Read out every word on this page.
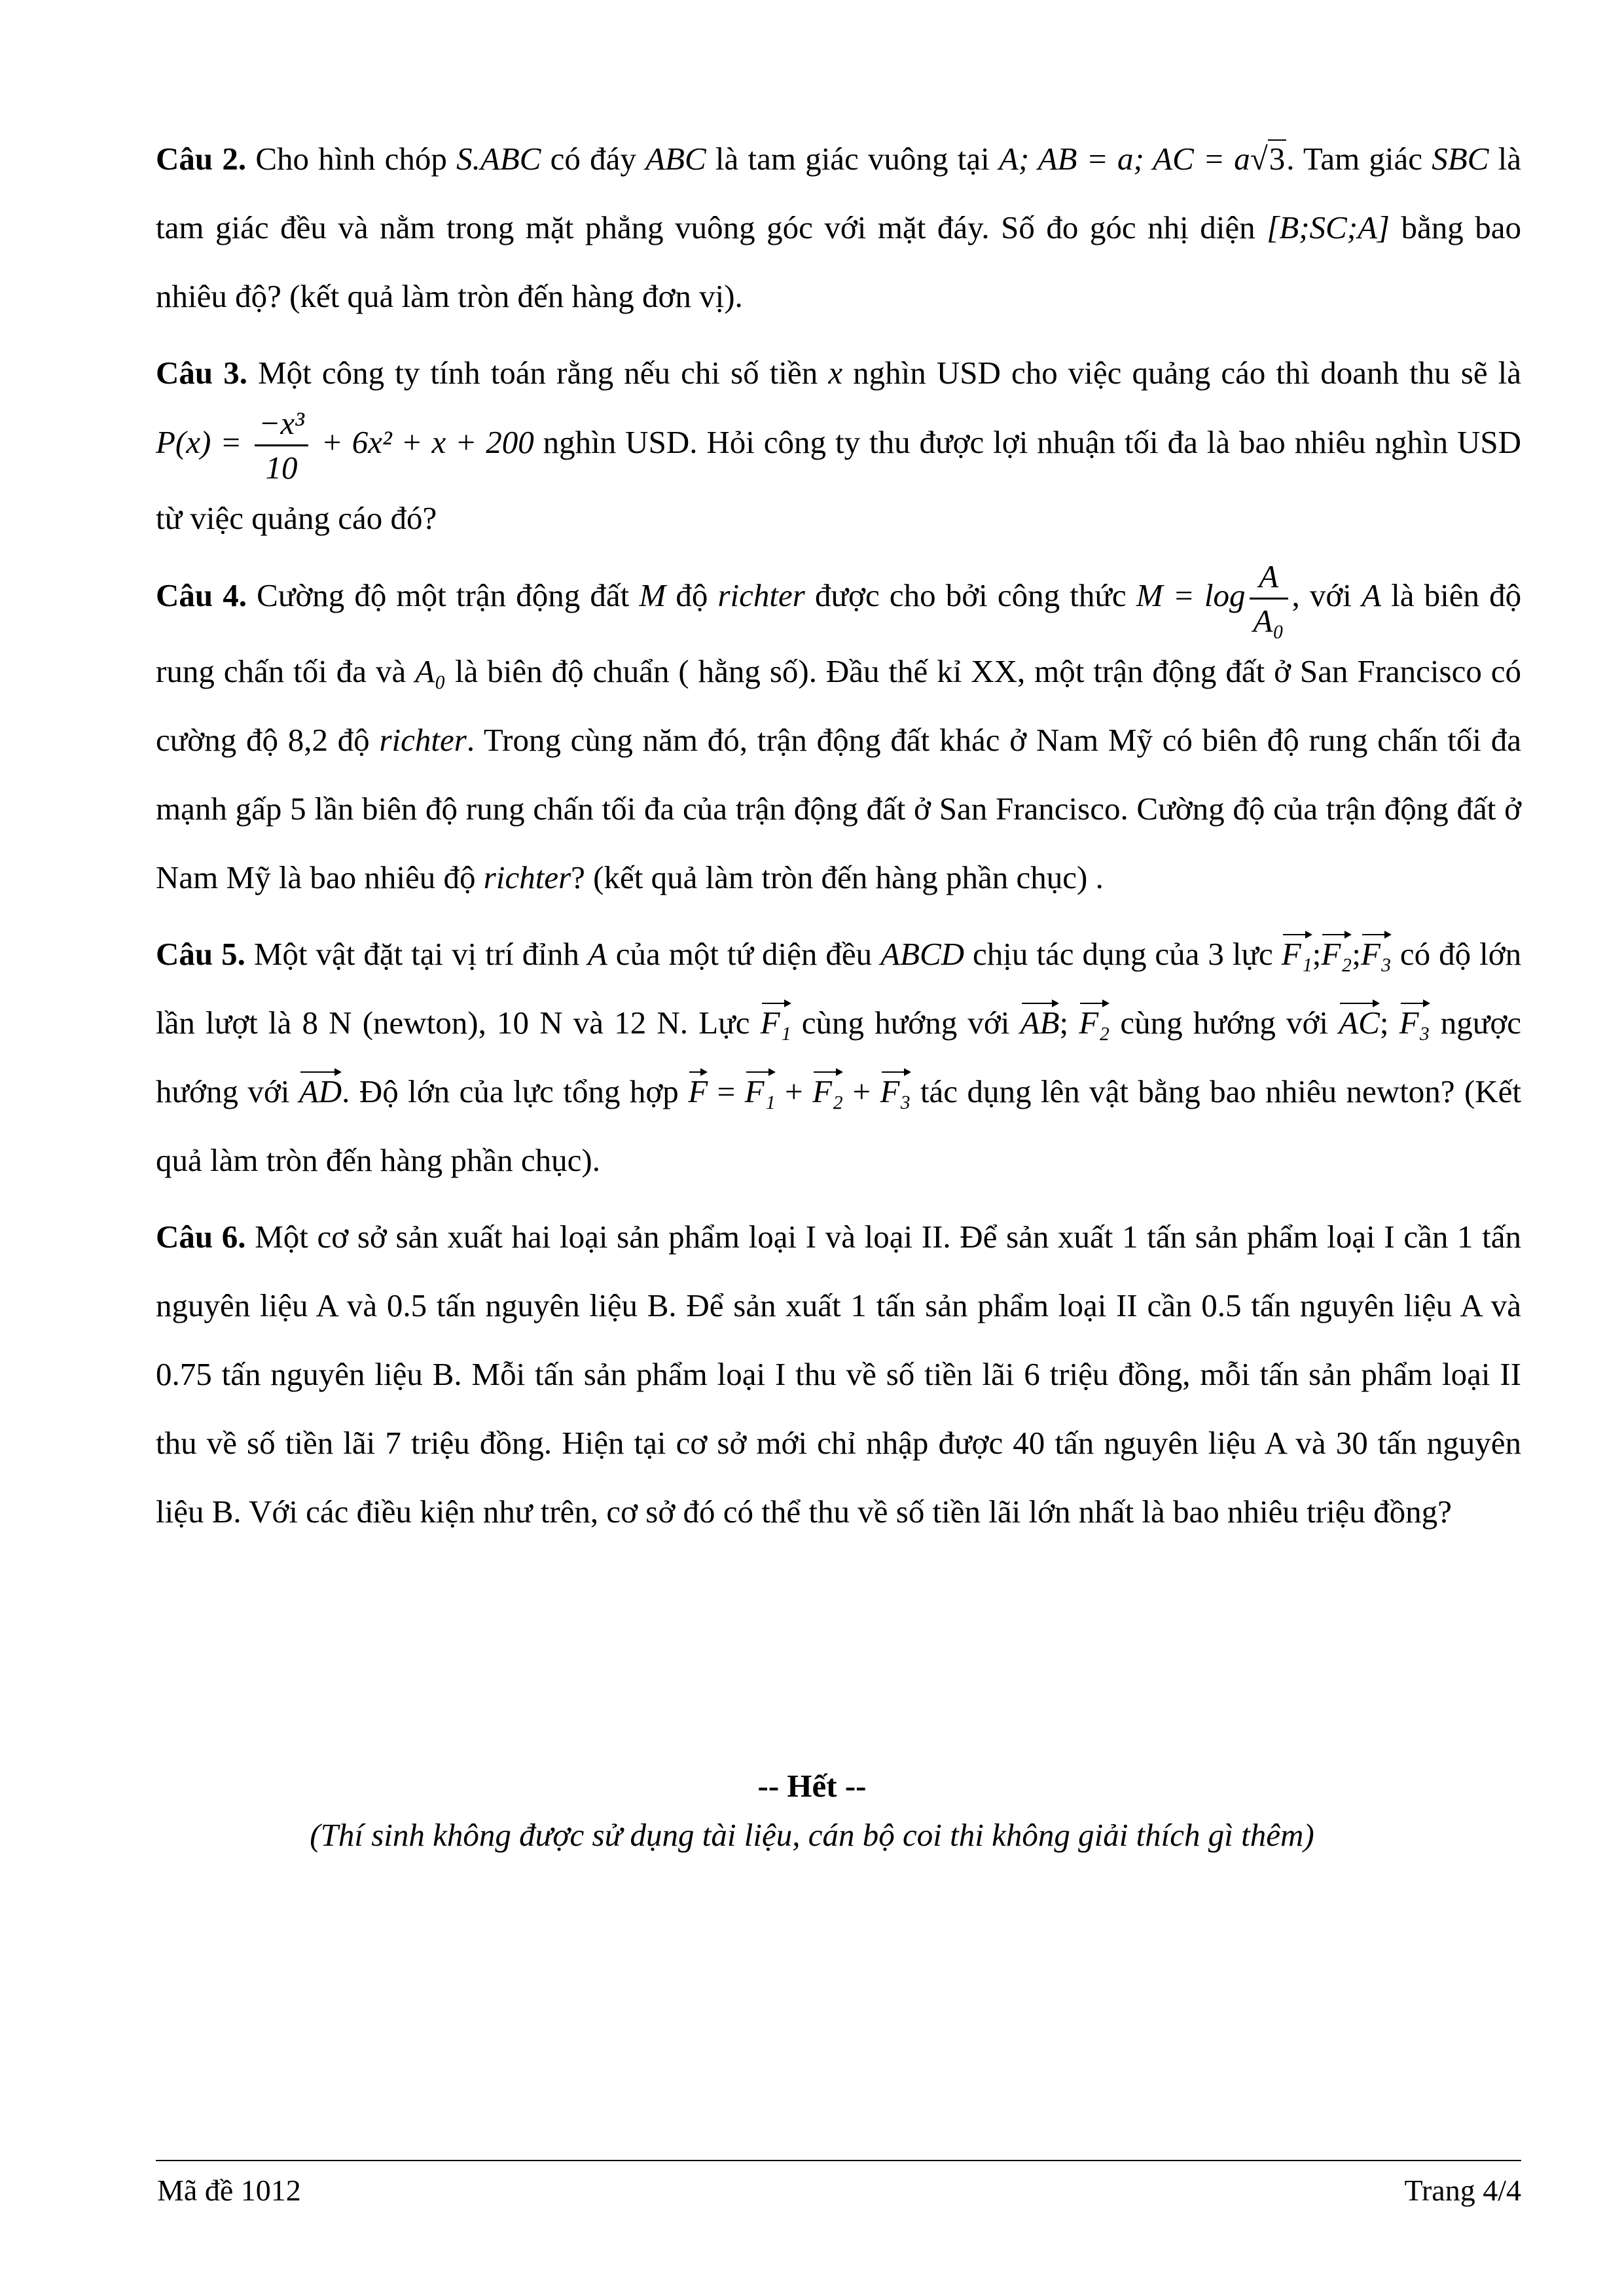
Câu 2. Cho hình chóp S.ABC có đáy ABC là tam giác vuông tại A; AB = a; AC = a√3. Tam giác SBC là tam giác đều và nằm trong mặt phẳng vuông góc với mặt đáy. Số đo góc nhị diện [B;SC;A] bằng bao nhiêu độ? (kết quả làm tròn đến hàng đơn vị).

Câu 3. Một công ty tính toán rằng nếu chi số tiền x nghìn USD cho việc quảng cáo thì doanh thu sẽ là $P(x) = \frac{\text{−x³}}{10} + 6x^2 + x + 200$ nghìn USD. Hỏi công ty thu được lợi nhuận tối đa là bao nhiêu nghìn USD từ việc quảng cáo đó?

Câu 4. Cường độ một trận động đất M độ richter được cho bởi công thức $M = \log \frac{A}{\text{A₀}}$ , với A là biên độ rung chấn tối đa và A₀ là biên độ chuẩn ( hằng số). Đầu thế kỉ XX, một trận động đất ở San Francisco có cường độ 8,2 độ richter. Trong cùng năm đó, trận động đất khác ở Nam Mỹ có biên độ rung chấn tối đa mạnh gấp 5 lần biên độ rung chấn tối đa của trận động đất ở San Francisco. Cường độ của trận động đất ở Nam Mỹ là bao nhiêu độ richter? (kết quả làm tròn đến hàng phần chục) .

Câu 5. Một vật đặt tại vị trí đỉnh A của một tứ diện đều ABCD chịu tác dụng của 3 lực F₁;F₂;F₃ có độ lớn lần lượt là 8 N (newton), 10 N và 12 N. Lực F₁ cùng hướng với AB; F₂ cùng hướng với AC; F₃ ngược hướng với AD. Độ lớn của lực tổng hợp F = F₁ + F₂ + F₃ tác dụng lên vật bằng bao nhiêu newton? (Kết quả làm tròn đến hàng phần chục).

Câu 6. Một cơ sở sản xuất hai loại sản phẩm loại I và loại II. Để sản xuất 1 tấn sản phẩm loại I cần 1 tấn nguyên liệu A và 0.5 tấn nguyên liệu B. Để sản xuất 1 tấn sản phẩm loại II cần 0.5 tấn nguyên liệu A và 0.75 tấn nguyên liệu B. Mỗi tấn sản phẩm loại I thu về số tiền lãi 6 triệu đồng, mỗi tấn sản phẩm loại II thu về số tiền lãi 7 triệu đồng. Hiện tại cơ sở mới chỉ nhập được 40 tấn nguyên liệu A và 30 tấn nguyên liệu B. Với các điều kiện như trên, cơ sở đó có thể thu về số tiền lãi lớn nhất là bao nhiêu triệu đồng?

-- Hết --
(Thí sinh không được sử dụng tài liệu, cán bộ coi thi không giải thích gì thêm)
Mã đề 1012	Trang 4/4
